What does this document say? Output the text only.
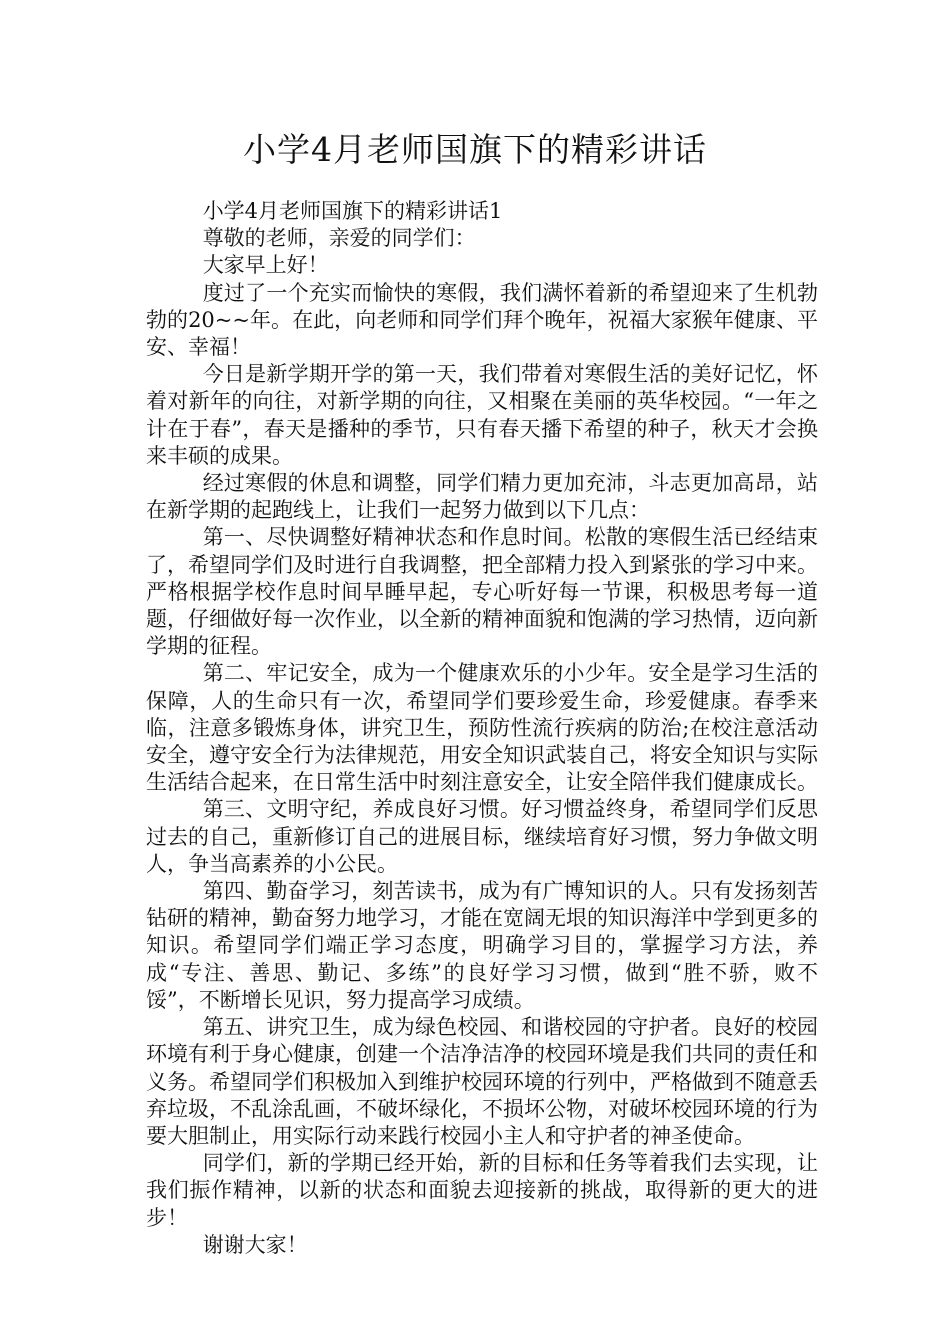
小学4月老师国旗下的精彩讲话

小学4月老师国旗下的精彩讲话1

尊敬的老师，亲爱的同学们：

大家早上好！

度过了一个充实而愉快的寒假，我们满怀着新的希望迎来了生机勃勃的20~~年。在此，向老师和同学们拜个晚年，祝福大家猴年健康、平安、幸福！

今日是新学期开学的第一天，我们带着对寒假生活的美好记忆，怀着对新年的向往，对新学期的向往，又相聚在美丽的英华校园。“一年之计在于春”，春天是播种的季节，只有春天播下希望的种子，秋天才会换来丰硕的成果。

经过寒假的休息和调整，同学们精力更加充沛，斗志更加高昂，站在新学期的起跑线上，让我们一起努力做到以下几点：

第一、尽快调整好精神状态和作息时间。松散的寒假生活已经结束了，希望同学们及时进行自我调整，把全部精力投入到紧张的学习中来。严格根据学校作息时间早睡早起，专心听好每一节课，积极思考每一道题，仔细做好每一次作业，以全新的精神面貌和饱满的学习热情，迈向新学期的征程。

第二、牢记安全，成为一个健康欢乐的小少年。安全是学习生活的保障，人的生命只有一次，希望同学们要珍爱生命，珍爱健康。春季来临，注意多锻炼身体，讲究卫生，预防性流行疾病的防治;在校注意活动安全，遵守安全行为法律规范，用安全知识武装自己，将安全知识与实际生活结合起来，在日常生活中时刻注意安全，让安全陪伴我们健康成长。

第三、文明守纪，养成良好习惯。好习惯益终身，希望同学们反思过去的自己，重新修订自己的进展目标，继续培育好习惯，努力争做文明人，争当高素养的小公民。

第四、勤奋学习，刻苦读书，成为有广博知识的人。只有发扬刻苦钻研的精神，勤奋努力地学习，才能在宽阔无垠的知识海洋中学到更多的知识。希望同学们端正学习态度，明确学习目的，掌握学习方法，养成“专注、善思、勤记、多练”的良好学习习惯，做到“胜不骄，败不馁”，不断增长见识，努力提高学习成绩。

第五、讲究卫生，成为绿色校园、和谐校园的守护者。良好的校园环境有利于身心健康，创建一个洁净洁净的校园环境是我们共同的责任和义务。希望同学们积极加入到维护校园环境的行列中，严格做到不随意丢弃垃圾，不乱涂乱画，不破坏绿化，不损坏公物，对破坏校园环境的行为要大胆制止，用实际行动来践行校园小主人和守护者的神圣使命。

同学们，新的学期已经开始，新的目标和任务等着我们去实现，让我们振作精神，以新的状态和面貌去迎接新的挑战，取得新的更大的进步！

谢谢大家！
